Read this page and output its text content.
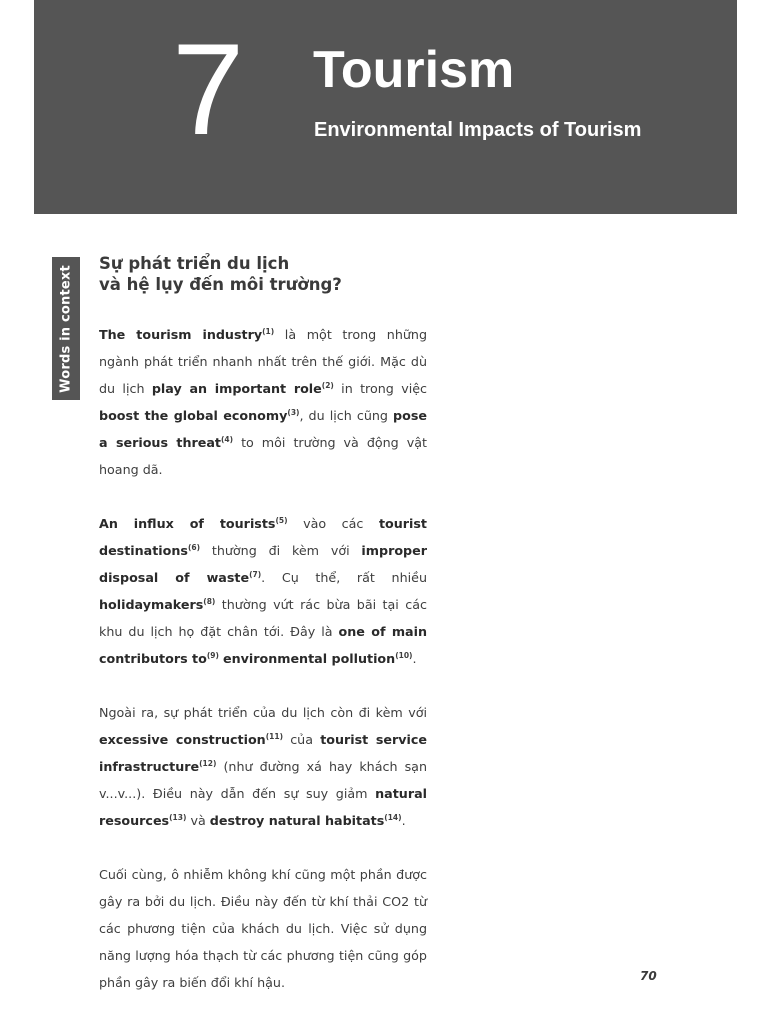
7 Tourism
Environmental Impacts of Tourism
Words in context
Sự phát triển du lịch
và hệ lụy đến môi trường?

The tourism industry$^{(1)}$ là một trong những ngành phát triển nhanh nhất trên thế giới. Mặc dù du lịch play an important role$^{(2)}$ in trong việc boost the global economy$^{(3)}$, du lịch cũng pose a serious threat$^{(4)}$ to môi trường và động vật hoang dã.

An influx of tourists$^{(5)}$ vào các tourist destinations$^{(6)}$ thường đi kèm với improper disposal of waste$^{(7)}$. Cụ thể, rất nhiều holidaymakers$^{(8)}$ thường vứt rác bừa bãi tại các khu du lịch họ đặt chân tới. Đây là one of main contributors $to^{(9)}$ environmental pollution$^{(10)}$.

Ngoài ra, sự phát triển của du lịch còn đi kèm với excessive construction$^{(11)}$ của tourist service infrastructure$^{(12)}$ (như đường xá hay khách sạn v...v...). Điều này dẫn đến sự suy giảm natural resources$^{(13)}$ và destroy natural habitats$^{(14)}$.

Cuối cùng, ô nhiễm không khí cũng một phần được gây ra bởi du lịch. Điều này đến từ khí thải CO2 từ các phương tiện của khách du lịch. Việc sử dụng năng lượng hóa thạch từ các phương tiện cũng góp phần gây ra biến đổi khí hậu.	70
